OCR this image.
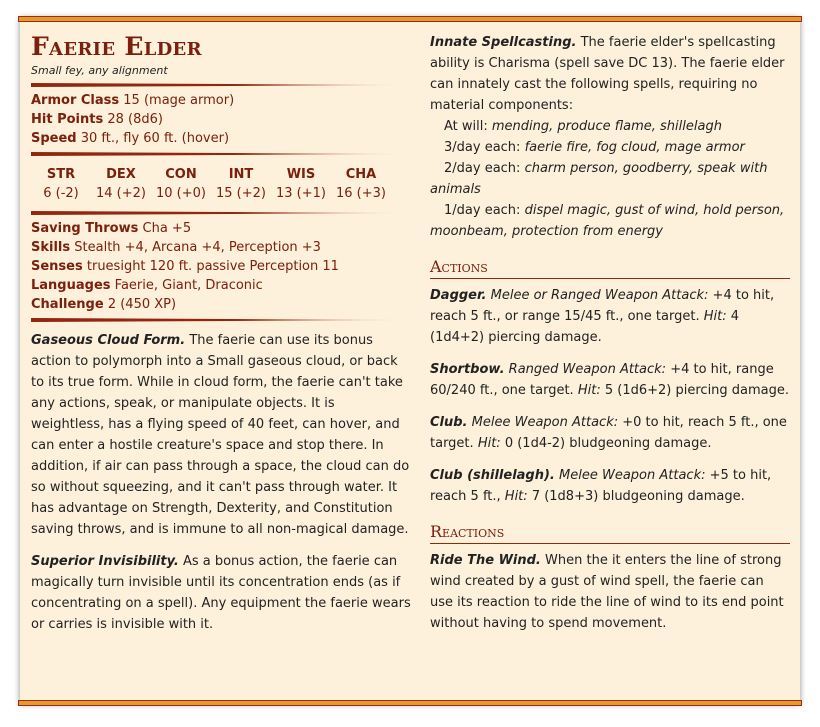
Faerie Elder
Small fey, any alignment
Armor Class 15 (mage armor)
Hit Points 28 (8d6)
Speed 30 ft., fly 60 ft. (hover)
STR
6 (-2)
DEX
14 (+2)
CON
10 (+0)
INT
15 (+2)
WIS
13 (+1)
CHA
16 (+3)
Saving Throws Cha +5
Skills Stealth +4, Arcana +4, Perception +3
Senses truesight 120 ft. passive Perception 11
Languages Faerie, Giant, Draconic
Challenge 2 (450 XP)

Gaseous Cloud Form. The faerie can use its bonus action to polymorph into a Small gaseous cloud, or back to its true form. While in cloud form, the faerie can't take any actions, speak, or manipulate objects. It is weightless, has a flying speed of 40 feet, can hover, and can enter a hostile creature's space and stop there. In addition, if air can pass through a space, the cloud can do so without squeezing, and it can't pass through water. It has advantage on Strength, Dexterity, and Constitution saving throws, and is immune to all non-magical damage.

Superior Invisibility. As a bonus action, the faerie can magically turn invisible until its concentration ends (as if concentrating on a spell). Any equipment the faerie wears or carries is invisible with it.

Innate Spellcasting. The faerie elder's spellcasting ability is Charisma (spell save DC 13). The faerie elder can innately cast the following spells, requiring no material components:

At will: mending, produce flame, shillelagh

3/day each: faerie fire, fog cloud, mage armor

2/day each: charm person, goodberry, speak with animals

1/day each: dispel magic, gust of wind, hold person, moonbeam, protection from energy

Actions

Dagger. Melee or Ranged Weapon Attack: +4 to hit, reach 5 ft., or range 15/45 ft., one target. Hit: 4 (1d4+2) piercing damage.

Shortbow. Ranged Weapon Attack: +4 to hit, range 60/240 ft., one target. Hit: 5 (1d6+2) piercing damage.

Club. Melee Weapon Attack: +0 to hit, reach 5 ft., one target. Hit: 0 (1d4-2) bludgeoning damage.

Club (shillelagh). Melee Weapon Attack: +5 to hit, reach 5 ft., Hit: 7 (1d8+3) bludgeoning damage.

Reactions

Ride The Wind. When the it enters the line of strong wind created by a gust of wind spell, the faerie can use its reaction to ride the line of wind to its end point without having to spend movement.
